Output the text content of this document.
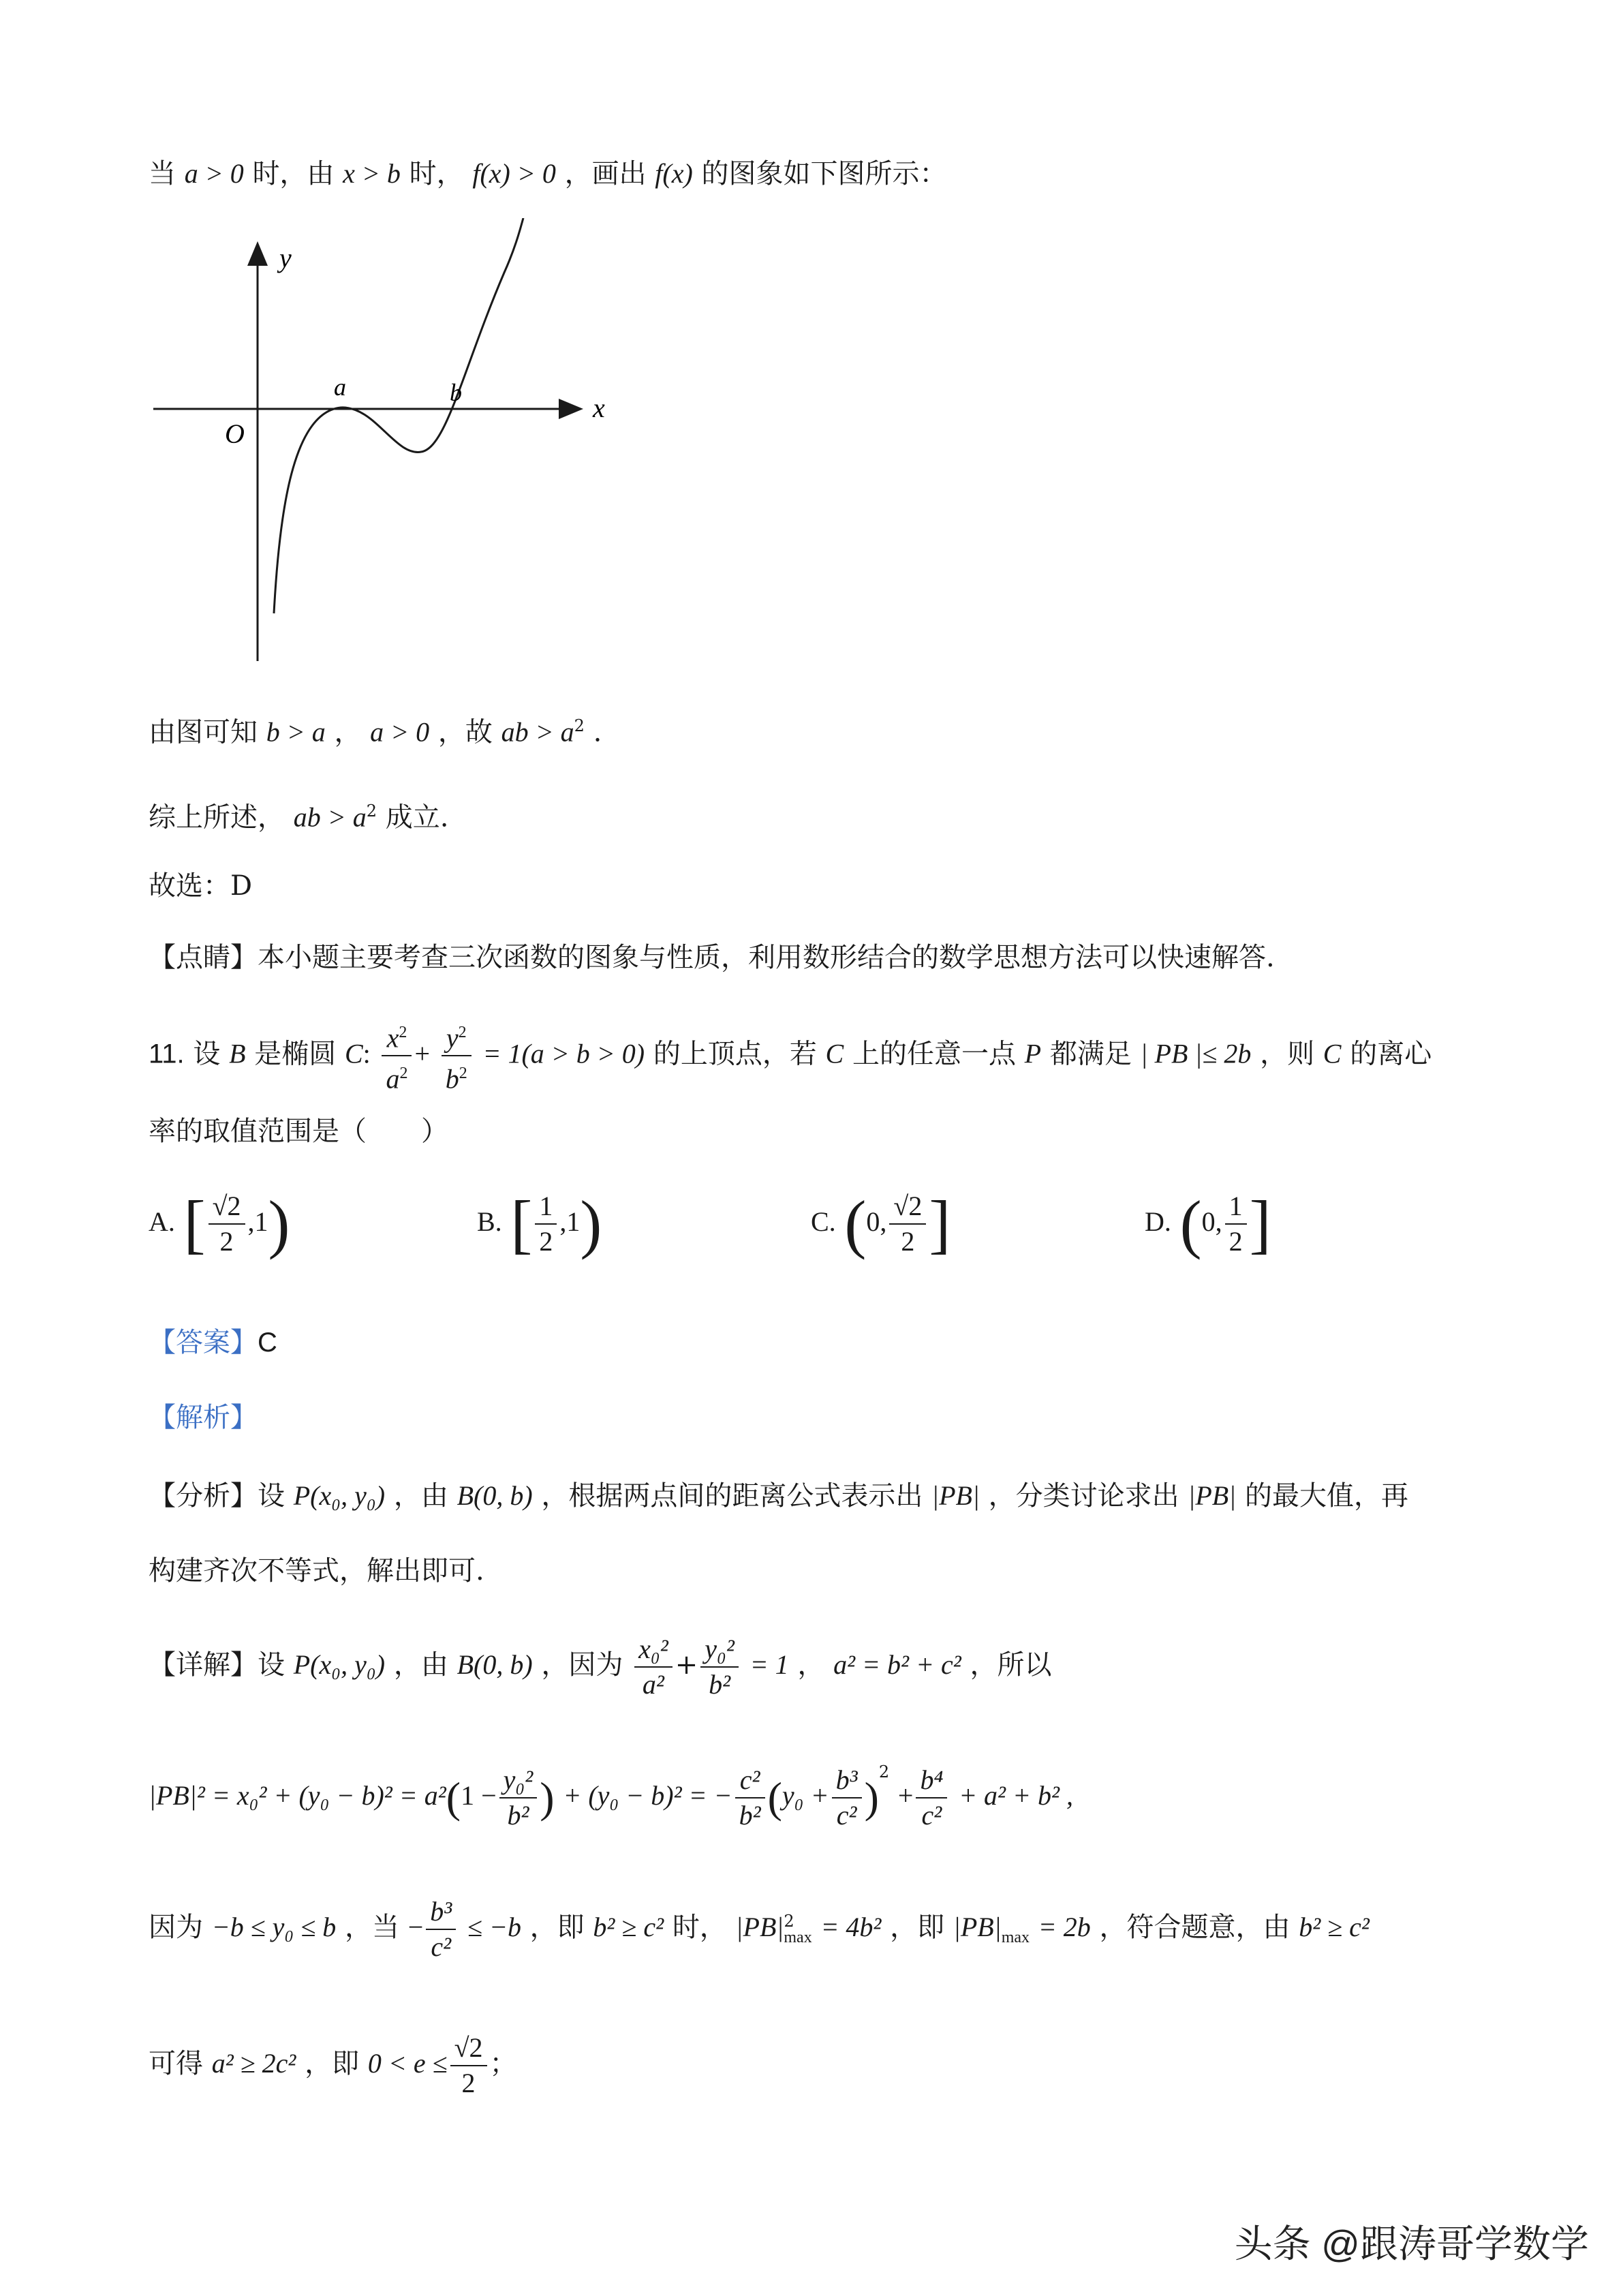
当 a > 0 时，由 x > b 时， f(x) > 0 ，画出 f(x) 的图象如下图所示：
y
x
O
a	b
由图可知 b > a ， a > 0 ，故 ab > $a^2$ .
综上所述， ab > $a^2$ 成立.
故选：D
【点睛】本小题主要考查三次函数的图象与性质，利用数形结合的数学思想方法可以快速解答.
11. 设 B 是椭圆 C: $\frac{x^2}{a^2} + \frac{y^2}{b^2} = 1(a > b > 0)$ 的上顶点，若 C 上的任意一点 P 都满足 | PB |≤ 2b ，则 C 的离心
率的取值范围是（　　）
A. [ $\frac{√2}{2} ,1$)	B. [ $\frac{1}{2} ,1$)	C. (0, $\frac{√2}{2}$ ]	D. (0, $\frac{1}{2}$ ]
【答案】C
【解析】
【分析】设 P(x₀, y₀) ，由 B(0, b) ，根据两点间的距离公式表示出 |PB| ，分类讨论求出 |PB| 的最大值，再
构建齐次不等式，解出即可.
【详解】设 P(x₀, y₀) ，由 B(0, b) ，因为 $\frac{\text{x₀²}}{\text{a²}} + \frac{\text{y₀²}}{\text{b²}} = 1$ ， a² = b² + c² ，所以
$|PB|^2 = x_0^2 + (y_0 - b)^2 = a^2(1 - \frac{\text{y₀²}}{\text{b²}}$ ) + (y₀ − b)² = − $\frac{\text{c²}}{\text{b²}} (y_0 + \frac{\text{b³}}{\text{c²}} )^2 + \frac{\text{b⁴}}{\text{c²}} + a^2 + b^2$ ,
因为 −b ≤ y₀ ≤ b ，当 − $\frac{\text{b³}}{\text{c²}} \le -b$ ，即 b² ≥ c² 时， |PB| 2
max = 4b² ，即 $|PB|_{max} = 2b$ ，符合题意，由 b² ≥ c²
可得 a² ≥ 2c² ，即 $0 < e \le \frac{√2}{2}$ ；
头条 @跟涛哥学数学
